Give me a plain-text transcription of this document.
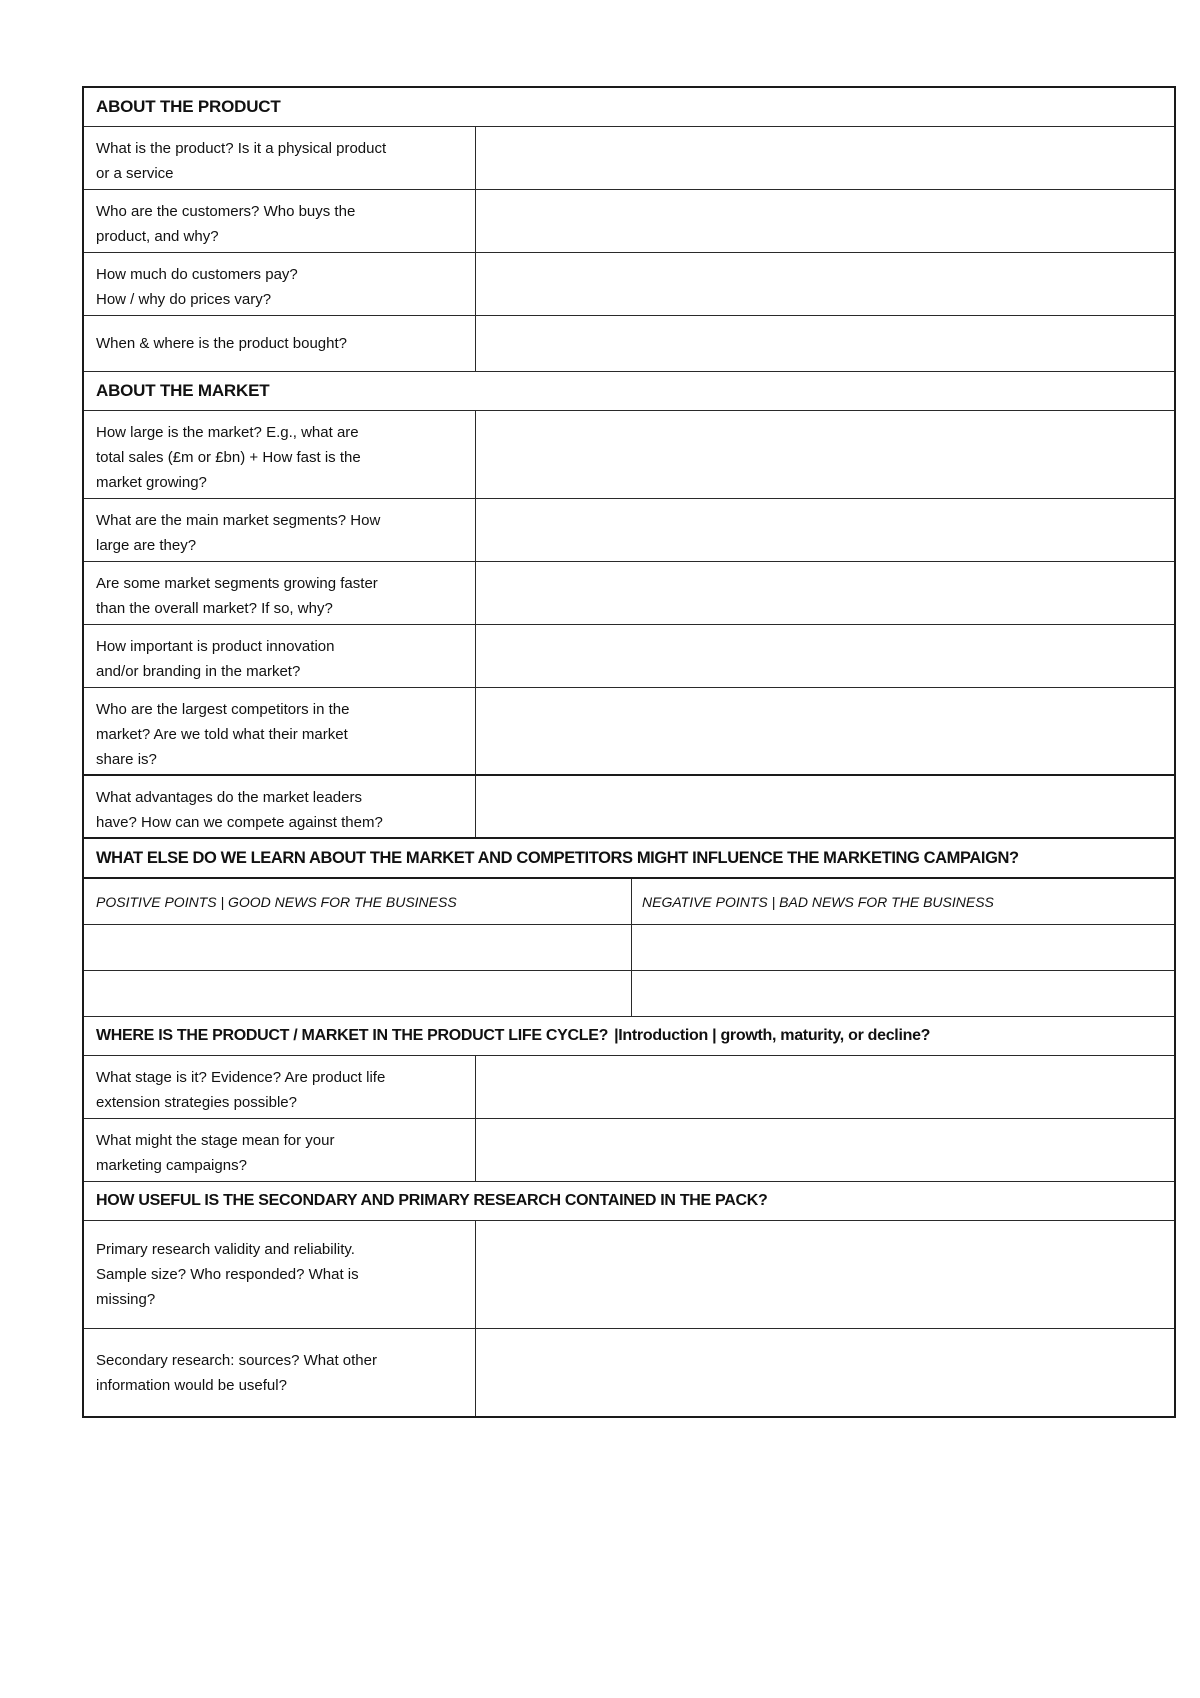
ABOUT THE PRODUCT
What is the product? Is it a physical product
or a service
Who are the customers? Who buys the
product, and why?
How much do customers pay?
How / why do prices vary?
When & where is the product bought?
ABOUT THE MARKET
How large is the market? E.g., what are
total sales (£m or £bn) + How fast is the
market growing?
What are the main market segments? How
large are they?
Are some market segments growing faster
than the overall market? If so, why?
How important is product innovation
and/or branding in the market?
Who are the largest competitors in the
market? Are we told what their market
share is?
What advantages do the market leaders
have? How can we compete against them?
WHAT ELSE DO WE LEARN ABOUT THE MARKET AND COMPETITORS MIGHT INFLUENCE THE MARKETING CAMPAIGN?
POSITIVE POINTS | GOOD NEWS FOR THE BUSINESS	NEGATIVE POINTS | BAD NEWS FOR THE BUSINESS
WHERE IS THE PRODUCT / MARKET IN THE PRODUCT LIFE CYCLE? |Introduction | growth, maturity, or decline?
What stage is it? Evidence? Are product life
extension strategies possible?
What might the stage mean for your
marketing campaigns?
HOW USEFUL IS THE SECONDARY AND PRIMARY RESEARCH CONTAINED IN THE PACK?
Primary research validity and reliability.
Sample size? Who responded? What is
missing?
Secondary research: sources? What other
information would be useful?
